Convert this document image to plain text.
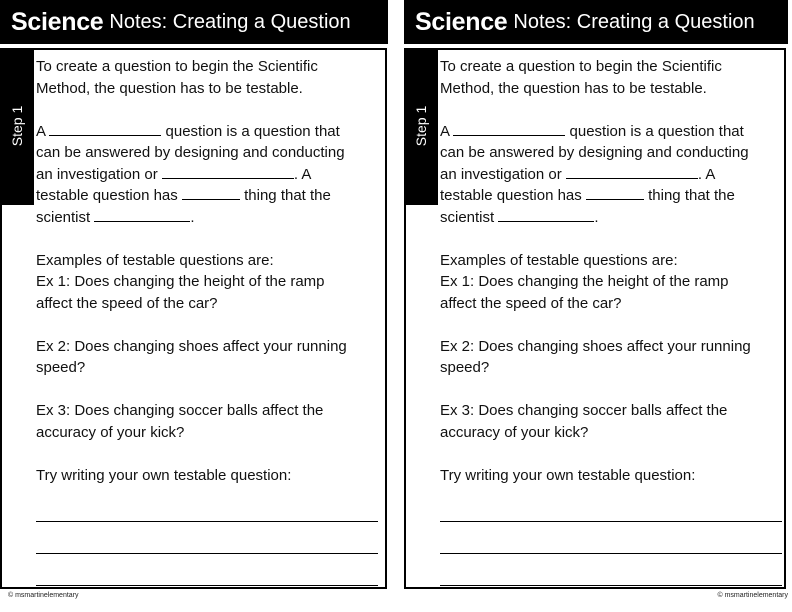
Science Notes: Creating a Question
Step 1

To create a question to begin the Scientific

Method, the question has to be testable.

A	question is a question that

can be answered by designing and conducting

an investigation or	. A

testable question has	thing that the

scientist	.

Examples of testable questions are:

Ex 1: Does changing the height of the ramp

affect the speed of the car?

Ex 2: Does changing shoes affect your running

speed?

Ex 3: Does changing soccer balls affect the

accuracy of your kick?

Try writing your own testable question:

© msmartinelementary
Science Notes: Creating a Question
Step 1

To create a question to begin the Scientific

Method, the question has to be testable.

A	question is a question that

can be answered by designing and conducting

an investigation or	. A

testable question has	thing that the

scientist	.

Examples of testable questions are:

Ex 1: Does changing the height of the ramp

affect the speed of the car?

Ex 2: Does changing shoes affect your running

speed?

Ex 3: Does changing soccer balls affect the

accuracy of your kick?

Try writing your own testable question:

© msmartinelementary
